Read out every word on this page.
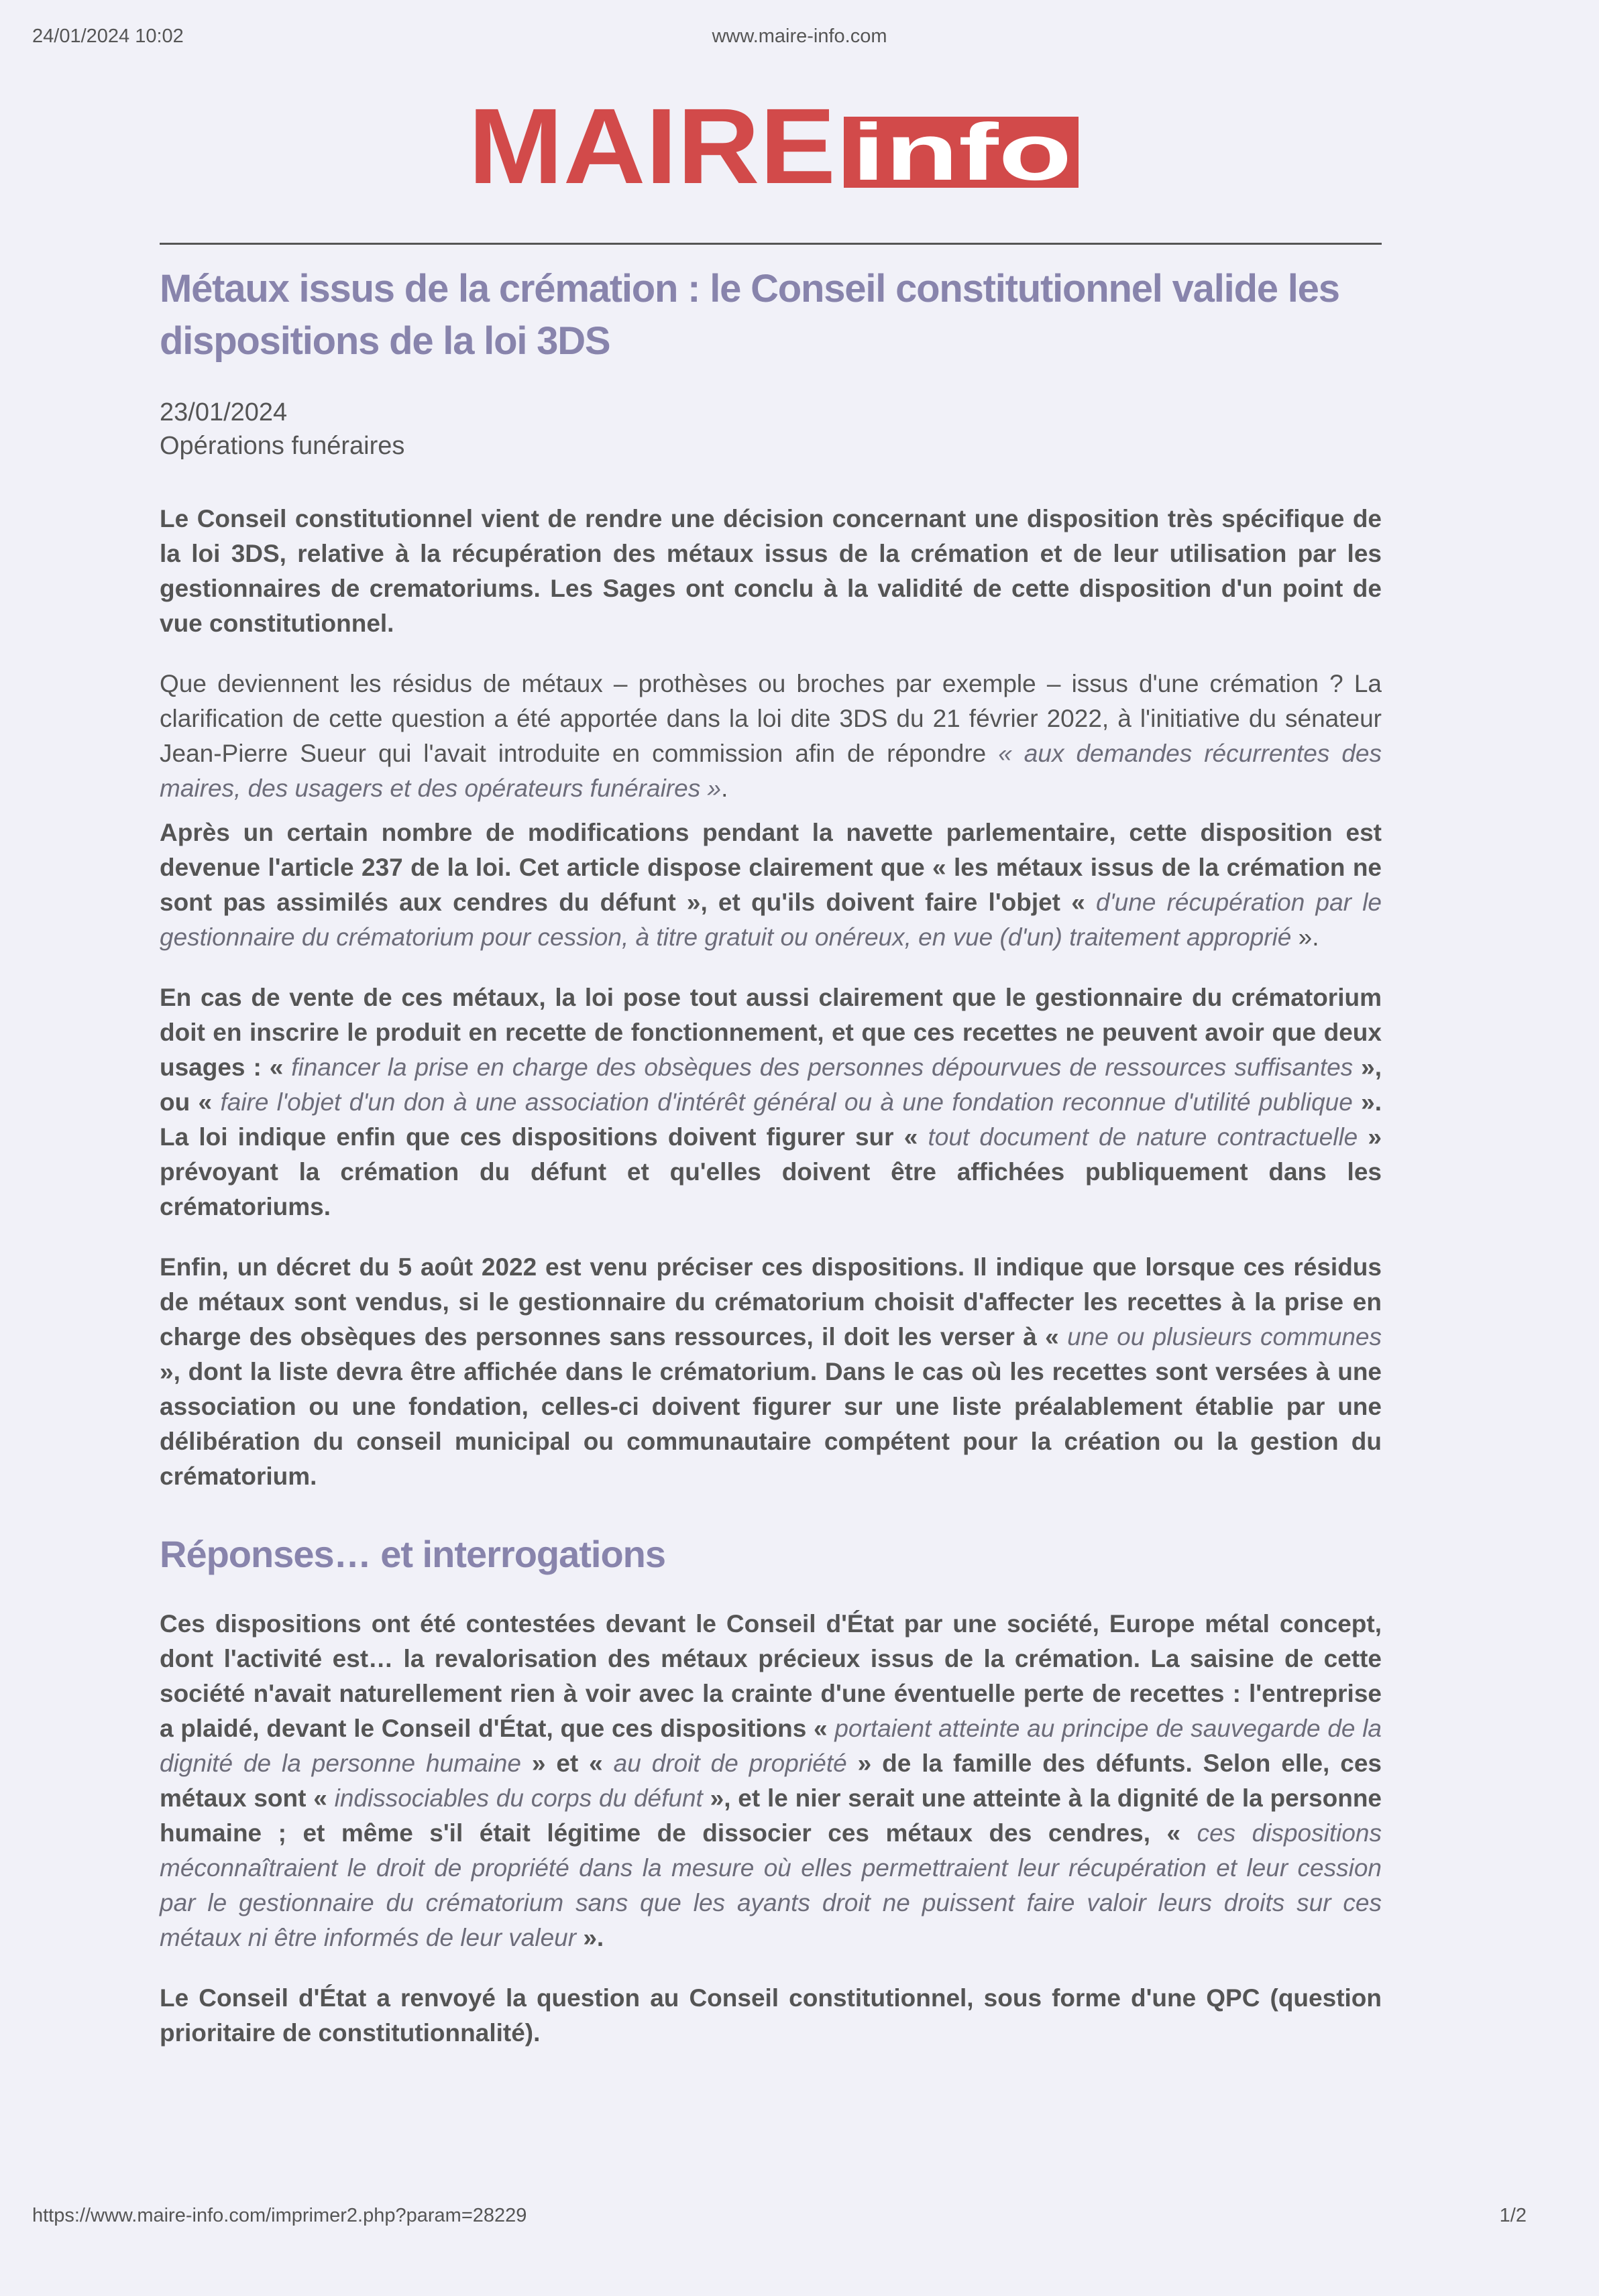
24/01/2024 10:02	www.maire-info.com
MAIRE info
Métaux issus de la crémation : le Conseil constitutionnel valide les dispositions de la loi 3DS
23/01/2024
Opérations funéraires

Le Conseil constitutionnel vient de rendre une décision concernant une disposition très spécifique de la loi 3DS, relative à la récupération des métaux issus de la crémation et de leur utilisation par les gestionnaires de crematoriums. Les Sages ont conclu à la validité de cette disposition d'un point de vue constitutionnel.

Que deviennent les résidus de métaux – prothèses ou broches par exemple – issus d'une crémation ? La clarification de cette question a été apportée dans la loi dite 3DS du 21 février 2022, à l'initiative du sénateur Jean-Pierre Sueur qui l'avait introduite en commission afin de répondre « aux demandes récurrentes des maires, des usagers et des opérateurs funéraires ».

Après un certain nombre de modifications pendant la navette parlementaire, cette disposition est devenue l'article 237 de la loi. Cet article dispose clairement que « les métaux issus de la crémation ne sont pas assimilés aux cendres du défunt », et qu'ils doivent faire l'objet « d'une récupération par le gestionnaire du crématorium pour cession, à titre gratuit ou onéreux, en vue (d'un) traitement approprié ».

En cas de vente de ces métaux, la loi pose tout aussi clairement que le gestionnaire du crématorium doit en inscrire le produit en recette de fonctionnement, et que ces recettes ne peuvent avoir que deux usages : « financer la prise en charge des obsèques des personnes dépourvues de ressources suffisantes », ou « faire l'objet d'un don à une association d'intérêt général ou à une fondation reconnue d'utilité publique ». La loi indique enfin que ces dispositions doivent figurer sur « tout document de nature contractuelle » prévoyant la crémation du défunt et qu'elles doivent être affichées publiquement dans les crématoriums.

Enfin, un décret du 5 août 2022 est venu préciser ces dispositions. Il indique que lorsque ces résidus de métaux sont vendus, si le gestionnaire du crématorium choisit d'affecter les recettes à la prise en charge des obsèques des personnes sans ressources, il doit les verser à « une ou plusieurs communes », dont la liste devra être affichée dans le crématorium. Dans le cas où les recettes sont versées à une association ou une fondation, celles-ci doivent figurer sur une liste préalablement établie par une délibération du conseil municipal ou communautaire compétent pour la création ou la gestion du crématorium.

Réponses… et interrogations

Ces dispositions ont été contestées devant le Conseil d'État par une société, Europe métal concept, dont l'activité est… la revalorisation des métaux précieux issus de la crémation. La saisine de cette société n'avait naturellement rien à voir avec la crainte d'une éventuelle perte de recettes : l'entreprise a plaidé, devant le Conseil d'État, que ces dispositions « portaient atteinte au principe de sauvegarde de la dignité de la personne humaine » et « au droit de propriété » de la famille des défunts. Selon elle, ces métaux sont « indissociables du corps du défunt », et le nier serait une atteinte à la dignité de la personne humaine ; et même s'il était légitime de dissocier ces métaux des cendres, « ces dispositions méconnaîtraient le droit de propriété dans la mesure où elles permettraient leur récupération et leur cession par le gestionnaire du crématorium sans que les ayants droit ne puissent faire valoir leurs droits sur ces métaux ni être informés de leur valeur ».

Le Conseil d'État a renvoyé la question au Conseil constitutionnel, sous forme d'une QPC (question prioritaire de constitutionnalité).

https://www.maire-info.com/imprimer2.php?param=28229	1/2
